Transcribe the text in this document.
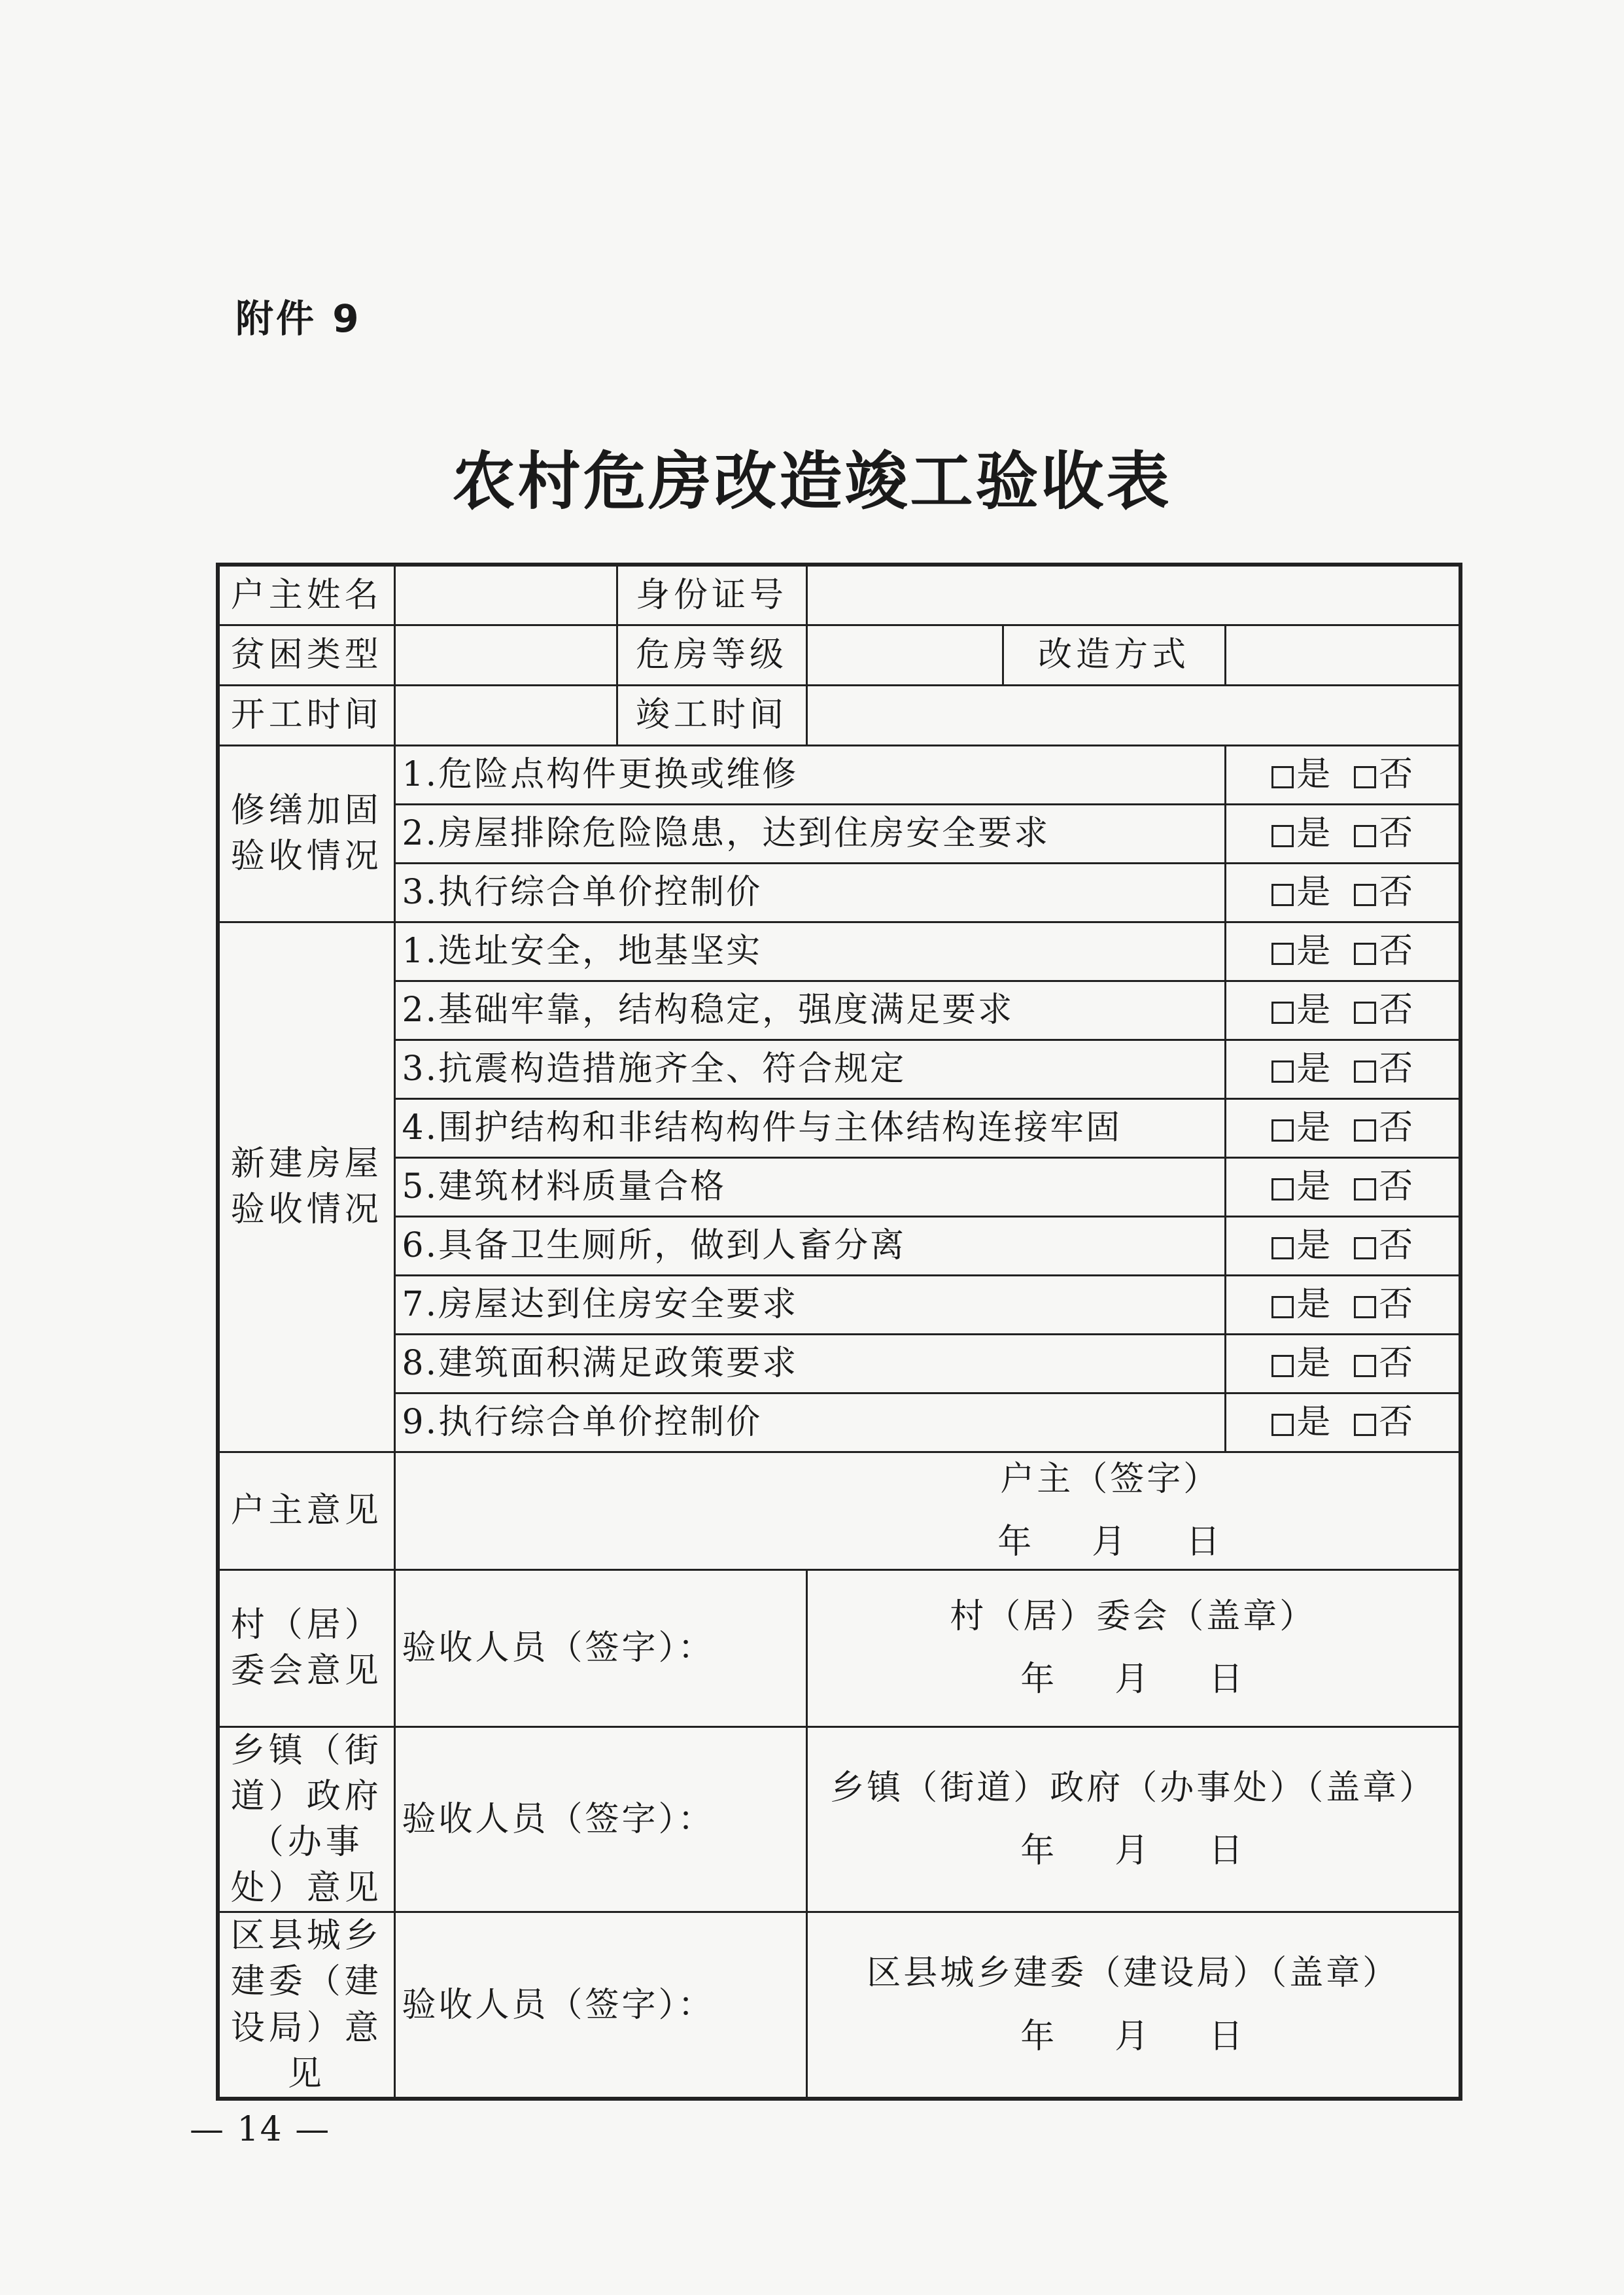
附件 9
农村危房改造竣工验收表
户主姓名		身份证号			
贫困类型		危房等级		改造方式	
开工时间		竣工时间			
修缮加固验收情况	1.危险点构件更换或维修				是 否
	2.房屋排除危险隐患，达到住房安全要求				是 否
	3.执行综合单价控制价				是 否
新建房屋验收情况	1.选址安全，地基坚实				是 否
	2.基础牢靠，结构稳定，强度满足要求				是 否
	3.抗震构造措施齐全、符合规定				是 否
	4.围护结构和非结构构件与主体结构连接牢固				是 否
	5.建筑材料质量合格				是 否
	6.具备卫生厕所，做到人畜分离				是 否
	7.房屋达到住房安全要求				是 否
	8.建筑面积满足政策要求				是 否
	9.执行综合单价控制价				是 否
户主意见	户主（签字）
年 月 日				

村（居）委会意见	验收人员（签字）：		村（居）委会（盖章）
年 月 日		

乡镇（街道）政府（办事处）意见	验收人员（签字）：		乡镇（街道）政府（办事处）（盖章）
年 月 日		

区县城乡建委（建设局）意见	验收人员（签字）：		区县城乡建委（建设局）（盖章）
年 月 日		
— 14 —
